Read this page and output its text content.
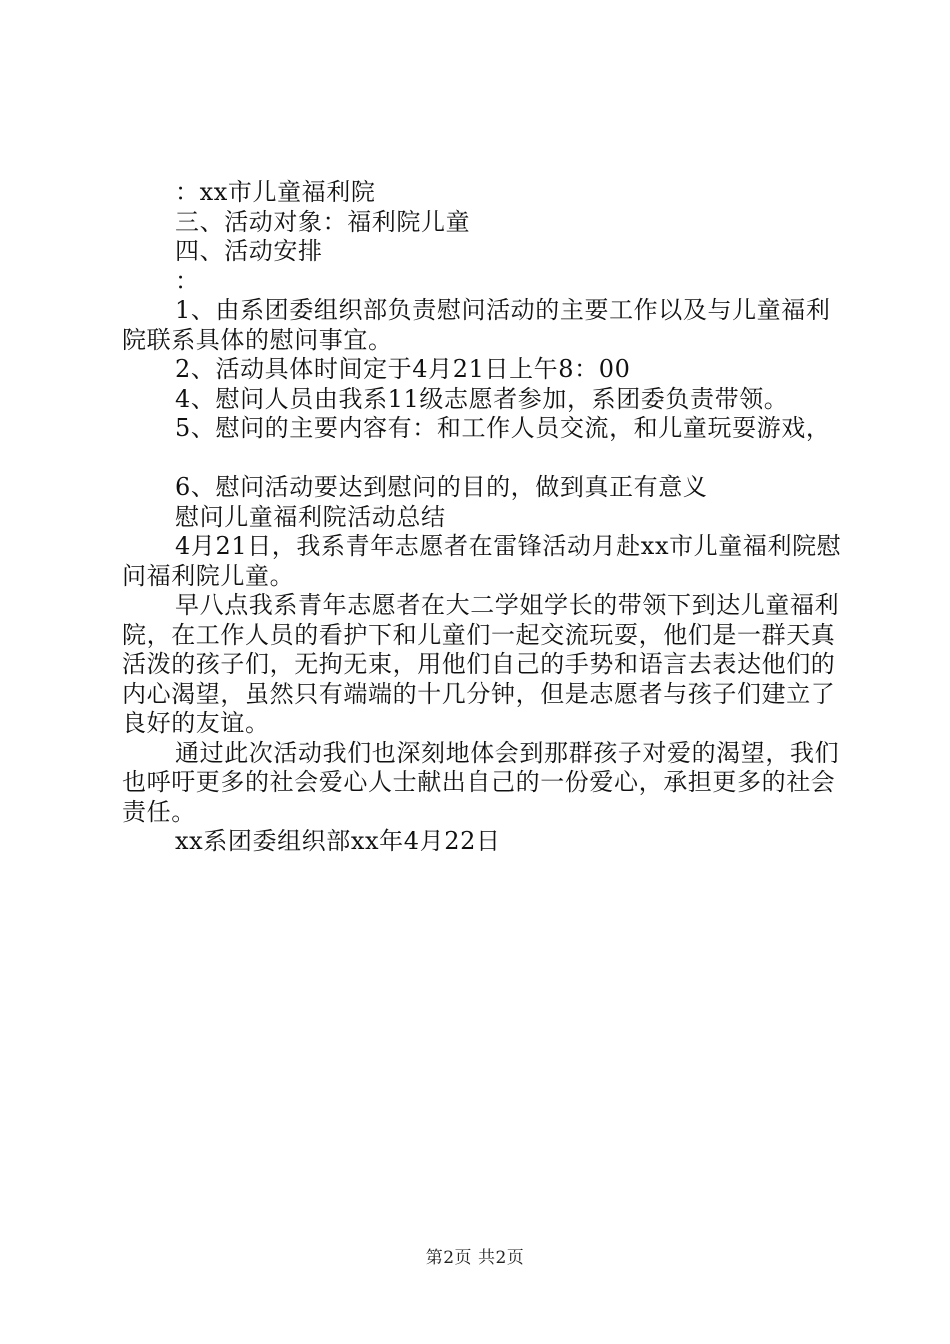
：xx市儿童福利院

三、活动对象：福利院儿童

四、活动安排

：

1、由系团委组织部负责慰问活动的主要工作以及与儿童福利院联系具体的慰问事宜。

2、活动具体时间定于4月21日上午8：00

4、慰问人员由我系11级志愿者参加，系团委负责带领。

5、慰问的主要内容有：和工作人员交流，和儿童玩耍游戏，

6、慰问活动要达到慰问的目的，做到真正有意义

慰问儿童福利院活动总结

4月21日，我系青年志愿者在雷锋活动月赴xx市儿童福利院慰问福利院儿童。

早八点我系青年志愿者在大二学姐学长的带领下到达儿童福利院，在工作人员的看护下和儿童们一起交流玩耍，他们是一群天真活泼的孩子们，无拘无束，用他们自己的手势和语言去表达他们的内心渴望，虽然只有端端的十几分钟，但是志愿者与孩子们建立了良好的友谊。

通过此次活动我们也深刻地体会到那群孩子对爱的渴望，我们也呼吁更多的社会爱心人士献出自己的一份爱心，承担更多的社会责任。

xx系团委组织部xx年4月22日

第2页 共2页
